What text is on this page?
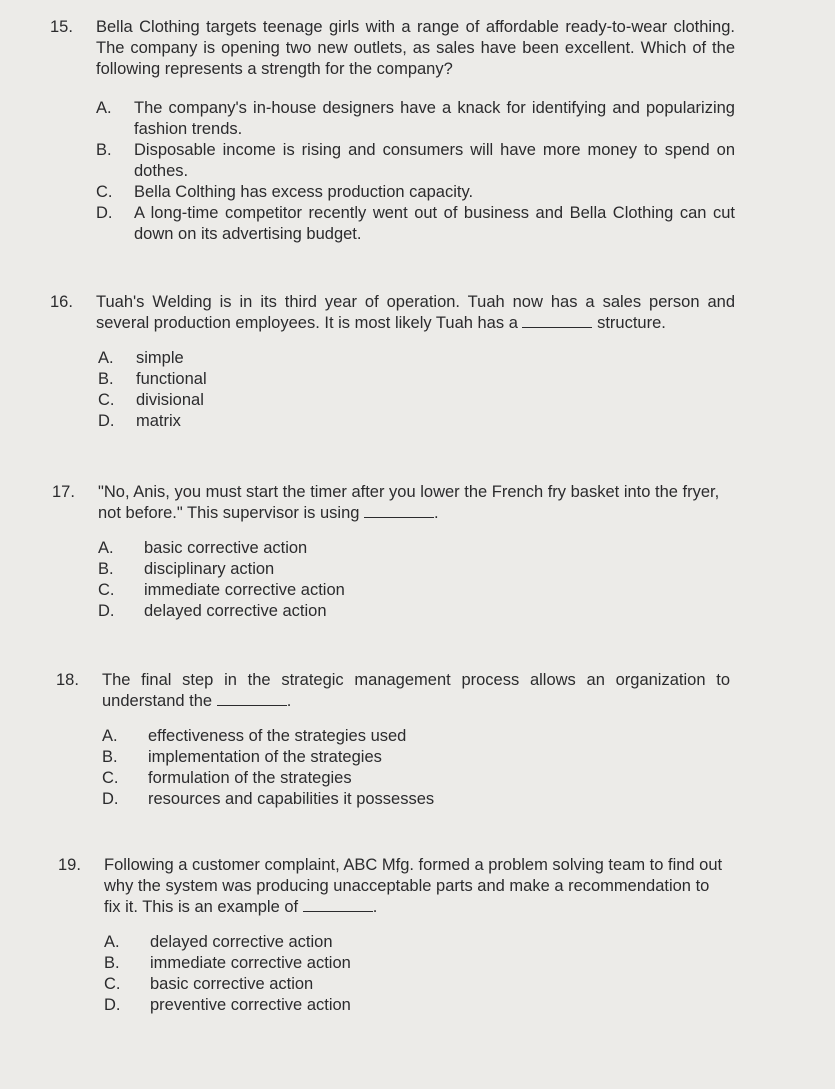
15.	Bella Clothing targets teenage girls with a range of affordable ready-to-wear clothing. The company is opening two new outlets, as sales have been excellent. Which of the following represents a strength for the company?
A.	The company's in-house designers have a knack for identifying and popularizing fashion trends.
B.	Disposable income is rising and consumers will have more money to spend on dothes.
C.	Bella Colthing has excess production capacity.
D.	A long-time competitor recently went out of business and Bella Clothing can cut down on its advertising budget.
16.	Tuah's Welding is in its third year of operation. Tuah now has a sales person and several production employees. It is most likely Tuah has a	structure.
A.	simple
B.	functional
C.	divisional
D.	matrix
17.	"No, Anis, you must start the timer after you lower the French fry basket into the fryer, not before." This supervisor is using	.
A.	basic corrective action
B.	disciplinary action
C.	immediate corrective action
D.	delayed corrective action
18.	The final step in the strategic management process allows an organization to understand the	.
A.	effectiveness of the strategies used
B.	implementation of the strategies
C.	formulation of the strategies
D.	resources and capabilities it possesses
19.	Following a customer complaint, ABC Mfg. formed a problem solving team to find out why the system was producing unacceptable parts and make a recommendation to fix it. This is an example of	.
A.	delayed corrective action
B.	immediate corrective action
C.	basic corrective action
D.	preventive corrective action
